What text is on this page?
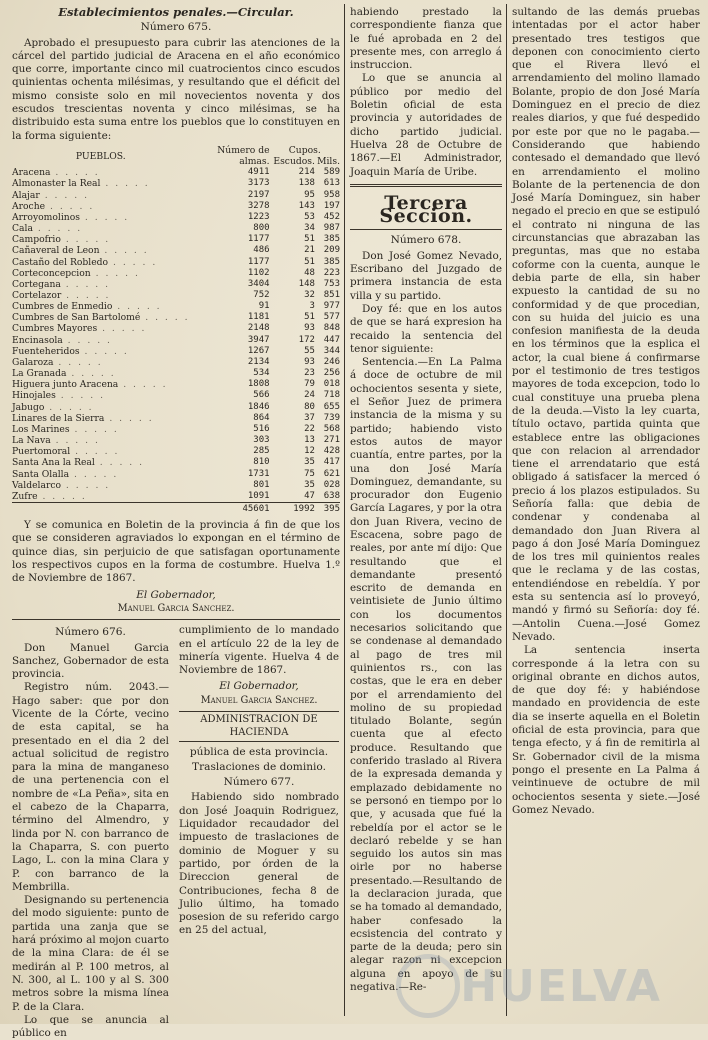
Establecimientos penales.—Circular.
Número 675.

Aprobado el presupuesto para cubrir las atenciones de la cárcel del partido judicial de Aracena en el año económico que corre, importante cinco mil cuatrocientos cinco escudos quinientas ochenta milésimas, y resultando que el déficit del mismo consiste solo en mil novecientos noventa y dos escudos trescientas noventa y cinco milésimas, se ha distribuido esta suma entre los pueblos que lo constituyen en la forma siguiente:

PUEBLOS.	Número de almas.	Cupos.	
		Escudos.	Mils.
Aracena . . . . .	4911	214	589
Almonaster la Real . . . . .	3173	138	613
Alajar . . . . .	2197	95	958
Aroche . . . . .	3278	143	197
Arroyomolinos . . . . .	1223	53	452
Cala . . . . .	800	34	987
Campofrio . . . . .	1177	51	385
Cañaveral de Leon . . . . .	486	21	209
Castaño del Robledo . . . . .	1177	51	385
Corteconcepcion . . . . .	1102	48	223
Cortegana . . . . .	3404	148	753
Cortelazor . . . . .	752	32	851
Cumbres de Enmedio . . . . .	91	3	977
Cumbres de San Bartolomé . . . . .	1181	51	577
Cumbres Mayores . . . . .	2148	93	848
Encinasola . . . . .	3947	172	447
Fuenteheridos . . . . .	1267	55	344
Galaroza . . . . .	2134	93	246
La Granada . . . . .	534	23	256
Higuera junto Aracena . . . . .	1808	79	018
Hinojales . . . . .	566	24	718
Jabugo . . . . .	1846	80	655
Linares de la Sierra . . . . .	864	37	739
Los Marines . . . . .	516	22	568
La Nava . . . . .	303	13	271
Puertomoral . . . . .	285	12	428
Santa Ana la Real . . . . .	810	35	417
Santa Olalla . . . . .	1731	75	621
Valdelarco . . . . .	801	35	028
Zufre . . . . .	1091	47	638
	45601	1992	395

Y se comunica en Boletin de la provincia á fin de que los que se consideren agraviados lo expongan en el término de quince dias, sin perjuicio de que satisfagan oportunamente los respectivos cupos en la forma de costumbre. Huelva 1.º de Noviembre de 1867.

El Gobernador,
Manuel Garcia Sanchez.
Número 676.

Don Manuel Garcia Sanchez, Gobernador de esta provincia.

Registro núm. 2043.—Hago saber: que por don Vicente de la Córte, vecino de esta capital, se ha presentado en el dia 2 del actual solicitud de registro para la mina de manganeso de una pertenencia con el nombre de «La Peña», sita en el cabezo de la Chaparra, término del Almendro, y linda por N. con barranco de la Chaparra, S. con puerto Lago, L. con la mina Clara y P. con barranco de la Membrilla.

Designando su pertenencia del modo siguiente: punto de partida una zanja que se hará próximo al mojon cuarto de la mina Clara: de él se medirán al P. 100 metros, al N. 300, al L. 100 y al S. 300 metros sobre la misma línea P. de la Clara.

Lo que se anuncia al público en

cumplimiento de lo mandado en el artículo 22 de la ley de minería vigente. Huelva 4 de Noviembre de 1867.

El Gobernador,
Manuel Garcia Sanchez.
ADMINISTRACION DE HACIENDA
pública de esta provincia.
Traslaciones de dominio.
Número 677.

Habiendo sido nombrado don José Joaquin Rodriguez, Liquidador recaudador del impuesto de traslaciones de dominio de Moguer y su partido, por órden de la Direccion general de Contribuciones, fecha 8 de Julio último, ha tomado posesion de su referido cargo en 25 del actual,

habiendo prestado la correspondiente fianza que le fué aprobada en 2 del presente mes, con arreglo á instruccion.

Lo que se anuncia al público por medio del Boletin oficial de esta provincia y autoridades de dicho partido judicial. Huelva 28 de Octubre de 1867.—El Administrador, Joaquin María de Uribe.

Tercera Seccion.
Número 678.

Don José Gomez Nevado, Escribano del Juzgado de primera instancia de esta villa y su partido.

Doy fé: que en los autos de que se hará expresion ha recaido la sentencia del tenor siguiente:

Sentencia.—En La Palma á doce de octubre de mil ochocientos sesenta y siete, el Señor Juez de primera instancia de la misma y su partido; habiendo visto estos autos de mayor cuantía, entre partes, por la una don José María Dominguez, demandante, su procurador don Eugenio García Lagares, y por la otra don Juan Rivera, vecino de Escacena, sobre pago de reales, por ante mí dijo: Que resultando que el demandante presentó escrito de demanda en veintisiete de Junio último con los documentos necesarios solicitando que se condenase al demandado al pago de tres mil quinientos rs., con las costas, que le era en deber por el arrendamiento del molino de su propiedad titulado Bolante, según cuenta que al efecto produce. Resultando que conferido traslado al Rivera de la expresada demanda y emplazado debidamente no se personó en tiempo por lo que, y acusada que fué la rebeldía por el actor se le declaró rebelde y se han seguido los autos sin mas oirle por no haberse presentado.—Resultando de la declaracion jurada, que se ha tomado al demandado, haber confesado la ecsistencia del contrato y parte de la deuda; pero sin alegar razon ni excepcion alguna en apoyo de su negativa.—Re-

sultando de las demás pruebas intentadas por el actor haber presentado tres testigos que deponen con conocimiento cierto que el Rivera llevó el arrendamiento del molino llamado Bolante, propio de don José María Dominguez en el precio de diez reales diarios, y que fué despedido por este por que no le pagaba.—Considerando que habiendo contesado el demandado que llevó en arrendamiento el molino Bolante de la pertenencia de don José María Dominguez, sin haber negado el precio en que se estipuló el contrato ni ninguna de las circunstancias que abrazaban las preguntas, mas que no estaba coforme con la cuenta, aunque le debia parte de ella, sin haber expuesto la cantidad de su no conformidad y de que procedian, con su huida del juicio es una confesion manifiesta de la deuda en los términos que la esplica el actor, la cual biene á confirmarse por el testimonio de tres testigos mayores de toda excepcion, todo lo cual constituye una prueba plena de la deuda.—Visto la ley cuarta, título octavo, partida quinta que establece entre las obligaciones que con relacion al arrendador tiene el arrendatario que está obligado á satisfacer la merced ó precio á los plazos estipulados. Su Señoría falla: que debia de condenar y condenaba al demandado don Juan Rivera al pago á don José María Dominguez de los tres mil quinientos reales que le reclama y de las costas, entendiéndose en rebeldía. Y por esta su sentencia así lo proveyó, mandó y firmó su Señoría: doy fé.—Antolin Cuena.—José Gomez Nevado.

La sentencia inserta corresponde á la letra con su original obrante en dichos autos, de que doy fé: y habiéndose mandado en providencia de este dia se inserte aquella en el Boletin oficial de esta provincia, para que tenga efecto, y á fin de remitirla al Sr. Gobernador civil de la misma pongo el presente en La Palma á veintinueve de octubre de mil ochocientos sesenta y siete.—José Gomez Nevado.

HUELVA
